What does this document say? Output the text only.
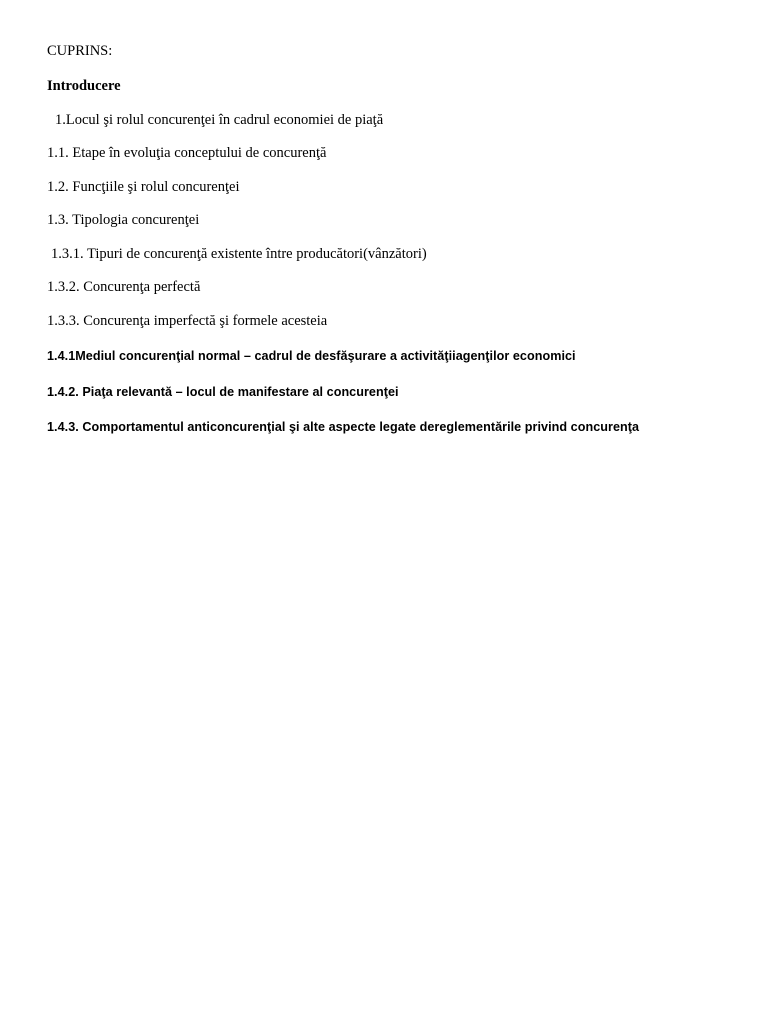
CUPRINS:
Introducere
1.Locul şi rolul concurenţei în cadrul economiei de piaţă
1.1. Etape în evoluţia conceptului de concurenţă
1.2. Funcţiile şi rolul concurenţei
1.3. Tipologia concurenţei
1.3.1. Tipuri de concurenţă existente între producători(vânzători)
1.3.2. Concurenţa perfectă
1.3.3. Concurenţa imperfectă şi formele acesteia
1.4.1Mediul concurenţial normal – cadrul de desfăşurare a activităţiiagenţilor economici
1.4.2. Piaţa relevantă – locul de manifestare al concurenţei
1.4.3. Comportamentul anticoncurenţial şi alte aspecte legate dereglementările privind concurenţa
